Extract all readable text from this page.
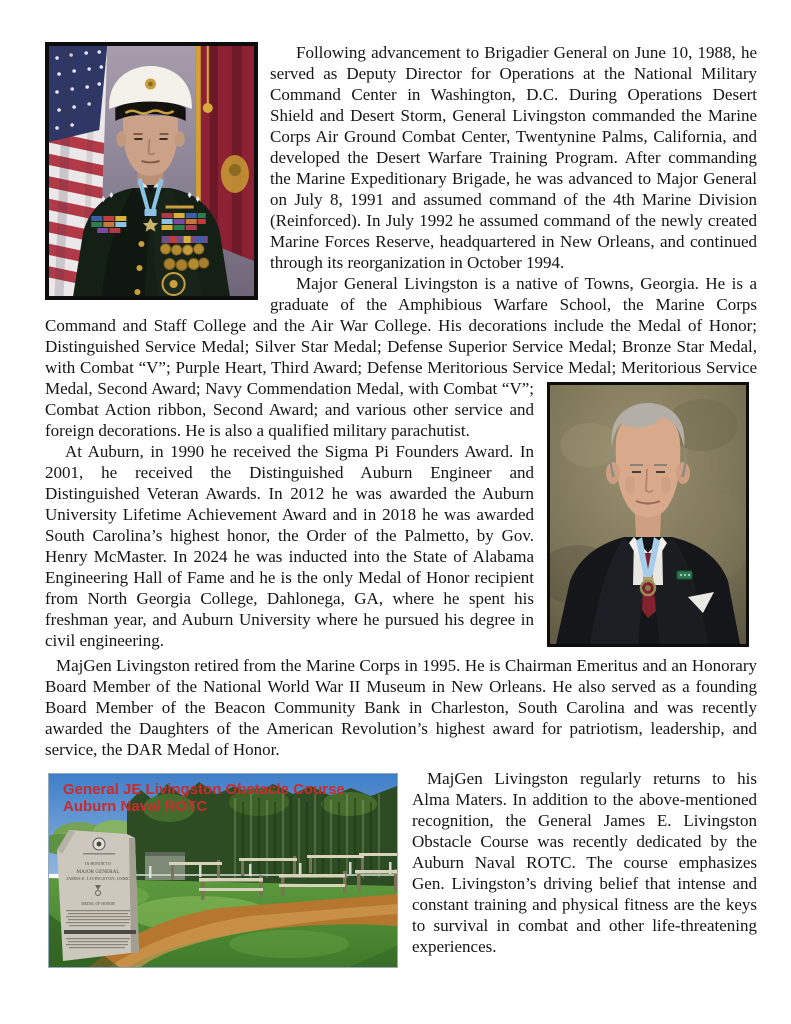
Following advancement to Brigadier General on June 10, 1988, he served as Deputy Director for Operations at the National Military Command Center in Washington, D.C. During Operations Desert Shield and Desert Storm, General Livingston commanded the Marine Corps Air Ground Combat Center, Twentynine Palms, California, and developed the Desert Warfare Training Program. After commanding the Marine Expeditionary Brigade, he was advanced to Major General on July 8, 1991 and assumed command of the 4th Marine Division (Reinforced). In July 1992 he assumed command of the newly created Marine Forces Reserve, headquartered in New Orleans, and continued through its reorganization in October 1994.

Major General Livingston is a native of Towns, Georgia. He is a graduate of the Amphibious Warfare School, the Marine Corps Command and Staff College and the Air War College. His decorations include the Medal of Honor; Distinguished Service Medal; Silver Star Medal; Defense Superior Service Medal; Bronze Star Medal, with Combat “V”; Purple Heart, Third Award; Defense Meritorious Service Medal; Meritorious Service Medal, Second Award; Navy Commendation Medal, with Combat “V”; Combat Action ribbon, Second Award; and various other service and foreign decorations. He is also a qualified military parachutist.

At Auburn, in 1990 he received the Sigma Pi Founders Award. In 2001, he received the Distinguished Auburn Engineer and Distinguished Veteran Awards. In 2012 he was awarded the Auburn University Lifetime Achievement Award and in 2018 he was awarded South Carolina’s highest honor, the Order of the Palmetto, by Gov. Henry McMaster. In 2024 he was inducted into the State of Alabama Engineering Hall of Fame and he is the only Medal of Honor recipient from North Georgia College, Dahlonega, GA, where he spent his freshman year, and Auburn University where he pursued his degree in civil engineering.

MajGen Livingston retired from the Marine Corps in 1995. He is Chairman Emeritus and an Honorary Board Member of the National World War II Museum in New Orleans. He also served as a founding Board Member of the Beacon Community Bank in Charleston, South Carolina and was recently awarded the Daughters of the American Revolution’s highest award for patriotism, leadership, and service, the DAR Medal of Honor.

IN HONOR TO
MAJOR GENERAL
JAMES E. LIVINGSTON, USMC
MEDAL OF HONOR
General JE Livingston Obstacle Course
Auburn Naval ROTC

MajGen Livingston regularly returns to his Alma Maters. In addition to the above-mentioned recognition, the General James E. Livingston Obstacle Course was recently dedicated by the Auburn Naval ROTC. The course emphasizes Gen. Livingston’s driving belief that intense and constant training and physical fitness are the keys to survival in combat and other life-threatening experiences.
